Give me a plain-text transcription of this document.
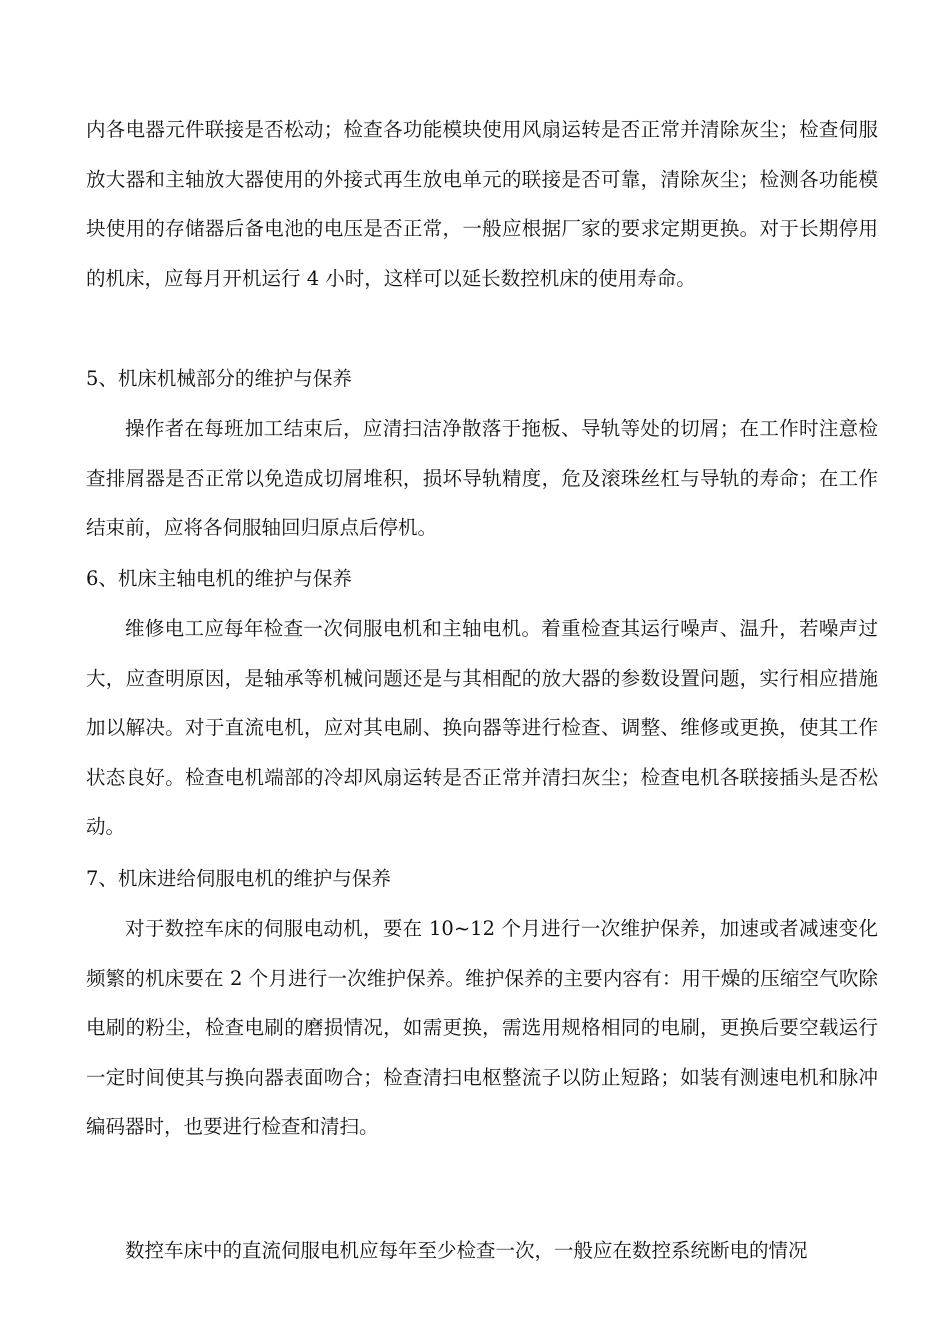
内各电器元件联接是否松动；检查各功能模块使用风扇运转是否正常并清除灰尘；检查伺服放大器和主轴放大器使用的外接式再生放电单元的联接是否可靠，清除灰尘；检测各功能模块使用的存储器后备电池的电压是否正常，一般应根据厂家的要求定期更换。对于长期停用的机床，应每月开机运行 4 小时，这样可以延长数控机床的使用寿命。
5、机床机械部分的维护与保养
操作者在每班加工结束后，应清扫洁净散落于拖板、导轨等处的切屑；在工作时注意检查排屑器是否正常以免造成切屑堆积，损坏导轨精度，危及滚珠丝杠与导轨的寿命；在工作结束前，应将各伺服轴回归原点后停机。
6、机床主轴电机的维护与保养
维修电工应每年检查一次伺服电机和主轴电机。着重检查其运行噪声、温升，若噪声过大，应查明原因，是轴承等机械问题还是与其相配的放大器的参数设置问题，实行相应措施加以解决。对于直流电机，应对其电刷、换向器等进行检查、调整、维修或更换，使其工作状态良好。检查电机端部的冷却风扇运转是否正常并清扫灰尘；检查电机各联接插头是否松动。
7、机床进给伺服电机的维护与保养
对于数控车床的伺服电动机，要在 10~12 个月进行一次维护保养，加速或者减速变化频繁的机床要在 2 个月进行一次维护保养。维护保养的主要内容有：用干燥的压缩空气吹除电刷的粉尘，检查电刷的磨损情况，如需更换，需选用规格相同的电刷，更换后要空载运行一定时间使其与换向器表面吻合；检查清扫电枢整流子以防止短路；如装有测速电机和脉冲编码器时，也要进行检查和清扫。
数控车床中的直流伺服电机应每年至少检查一次，一般应在数控系统断电的情况
